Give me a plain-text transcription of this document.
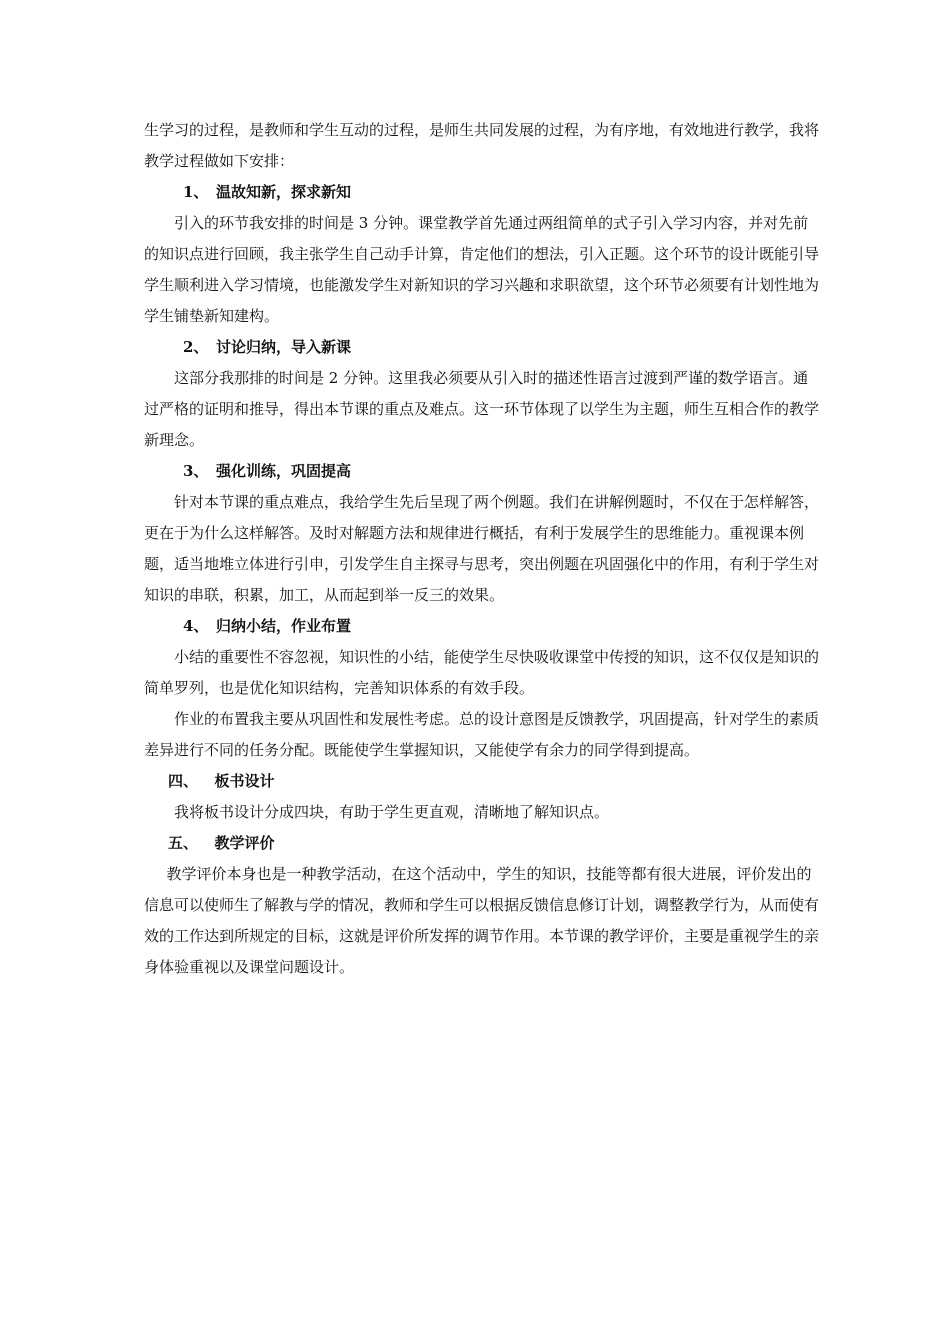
生学习的过程，是教师和学生互动的过程，是师生共同发展的过程，为有序地，有效地进行教学，我将教学过程做如下安排：

1、 温故知新，探求新知

引入的环节我安排的时间是 3 分钟。课堂教学首先通过两组简单的式子引入学习内容，并对先前的知识点进行回顾，我主张学生自己动手计算，肯定他们的想法，引入正题。这个环节的设计既能引导学生顺利进入学习情境，也能激发学生对新知识的学习兴趣和求职欲望，这个环节必须要有计划性地为学生铺垫新知建构。

2、 讨论归纳，导入新课

这部分我那排的时间是 2 分钟。这里我必须要从引入时的描述性语言过渡到严谨的数学语言。通过严格的证明和推导，得出本节课的重点及难点。这一环节体现了以学生为主题，师生互相合作的教学新理念。

3、 强化训练，巩固提高

针对本节课的重点难点，我给学生先后呈现了两个例题。我们在讲解例题时，不仅在于怎样解答，更在于为什么这样解答。及时对解题方法和规律进行概括，有利于发展学生的思维能力。重视课本例题，适当地堆立体进行引申，引发学生自主探寻与思考，突出例题在巩固强化中的作用，有利于学生对知识的串联，积累，加工，从而起到举一反三的效果。

4、 归纳小结，作业布置

小结的重要性不容忽视，知识性的小结，能使学生尽快吸收课堂中传授的知识，这不仅仅是知识的简单罗列，也是优化知识结构，完善知识体系的有效手段。

作业的布置我主要从巩固性和发展性考虑。总的设计意图是反馈教学，巩固提高，针对学生的素质差异进行不同的任务分配。既能使学生掌握知识，又能使学有余力的同学得到提高。

四、 板书设计

我将板书设计分成四块，有助于学生更直观，清晰地了解知识点。

五、 教学评价

教学评价本身也是一种教学活动，在这个活动中，学生的知识，技能等都有很大进展，评价发出的信息可以使师生了解教与学的情况，教师和学生可以根据反馈信息修订计划，调整教学行为，从而使有效的工作达到所规定的目标，这就是评价所发挥的调节作用。本节课的教学评价，主要是重视学生的亲身体验重视以及课堂问题设计。
